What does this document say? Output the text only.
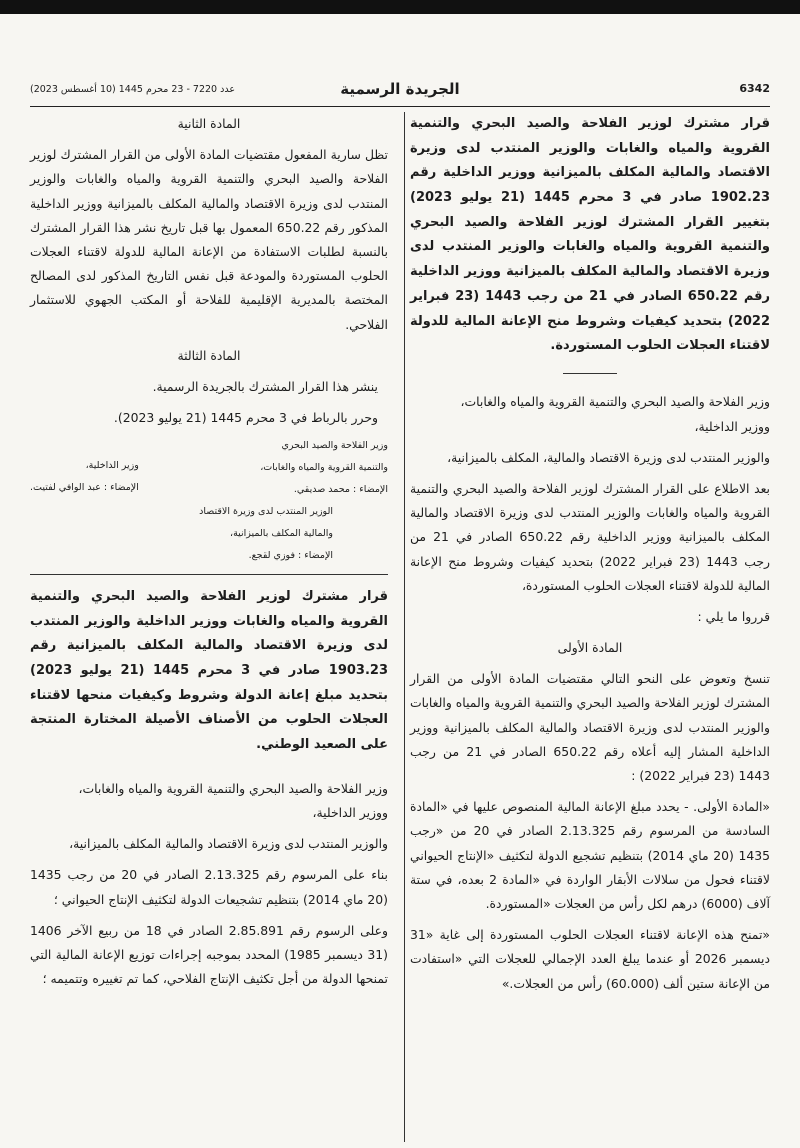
6342
الجريدة الرسمية
عدد 7220 - 23 محرم 1445 (10 أغسطس 2023)

قرار مشترك لوزير الفلاحة والصيد البحري والتنمية القروية والمياه والغابات والوزير المنتدب لدى وزيرة الاقتصاد والمالية المكلف بالميزانية ووزير الداخلية رقم 1902.23 صادر في 3 محرم 1445 (21 يوليو 2023) بتغيير القرار المشترك لوزير الفلاحة والصيد البحري والتنمية القروية والمياه والغابات والوزير المنتدب لدى وزيرة الاقتصاد والمالية المكلف بالميزانية ووزير الداخلية رقم 650.22 الصادر في 21 من رجب 1443 (23 فبراير 2022) بتحديد كيفيات وشروط منح الإعانة المالية للدولة لاقتناء العجلات الحلوب المستوردة.

وزير الفلاحة والصيد البحري والتنمية القروية والمياه والغابات،
ووزير الداخلية،

والوزير المنتدب لدى وزيرة الاقتصاد والمالية، المكلف بالميزانية،

بعد الاطلاع على القرار المشترك لوزير الفلاحة والصيد البحري والتنمية القروية والمياه والغابات والوزير المنتدب لدى وزيرة الاقتصاد والمالية المكلف بالميزانية ووزير الداخلية رقم 650.22 الصادر في 21 من رجب 1443 (23 فبراير 2022) بتحديد كيفيات وشروط منح الإعانة المالية للدولة لاقتناء العجلات الحلوب المستوردة،

قرروا ما يلي :

المادة الأولى

تنسخ وتعوض على النحو التالي مقتضيات المادة الأولى من القرار المشترك لوزير الفلاحة والصيد البحري والتنمية القروية والمياه والغابات والوزير المنتدب لدى وزيرة الاقتصاد والمالية المكلف بالميزانية ووزير الداخلية المشار إليه أعلاه رقم 650.22 الصادر في 21 من رجب 1443 (23 فبراير 2022) :

«المادة الأولى. - يحدد مبلغ الإعانة المالية المنصوص عليها في «المادة السادسة من المرسوم رقم 2.13.325 الصادر في 20 من «رجب 1435 (20 ماي 2014) بتنظيم تشجيع الدولة لتكثيف «الإنتاج الحيواني لاقتناء فحول من سلالات الأبقار الواردة في «المادة 2 بعده، في ستة آلاف (6000) درهم لكل رأس من العجلات «المستوردة.

«تمنح هذه الإعانة لاقتناء العجلات الحلوب المستوردة إلى غاية «31 ديسمبر 2026 أو عندما يبلغ العدد الإجمالي للعجلات التي «استفادت من الإعانة ستين ألف (60.000) رأس من العجلات.»

المادة الثانية

تظل سارية المفعول مقتضيات المادة الأولى من القرار المشترك لوزير الفلاحة والصيد البحري والتنمية القروية والمياه والغابات والوزير المنتدب لدى وزيرة الاقتصاد والمالية المكلف بالميزانية ووزير الداخلية المذكور رقم 650.22 المعمول بها قبل تاريخ نشر هذا القرار المشترك بالنسبة لطلبات الاستفادة من الإعانة المالية للدولة لاقتناء العجلات الحلوب المستوردة والمودعة قبل نفس التاريخ المذكور لدى المصالح المختصة بالمديرية الإقليمية للفلاحة أو المكتب الجهوي للاستثمار الفلاحي.

المادة الثالثة

ينشر هذا القرار المشترك بالجريدة الرسمية.

وحرر بالرباط في 3 محرم 1445 (21 يوليو 2023).

وزير الفلاحة والصيد البحري
والتنمية القروية والمياه والغابات،
الإمضاء : محمد صديقي.
وزير الداخلية،
الإمضاء : عبد الوافي لفتيت.
الوزير المنتدب لدى وزيرة الاقتصاد
والمالية المكلف بالميزانية،
الإمضاء : فوزي لقجع.

قرار مشترك لوزير الفلاحة والصيد البحري والتنمية القروية والمياه والغابات ووزير الداخلية والوزير المنتدب لدى وزيرة الاقتصاد والمالية المكلف بالميزانية رقم 1903.23 صادر في 3 محرم 1445 (21 يوليو 2023) بتحديد مبلغ إعانة الدولة وشروط وكيفيات منحها لاقتناء العجلات الحلوب من الأصناف الأصيلة المختارة المنتجة على الصعيد الوطني.

وزير الفلاحة والصيد البحري والتنمية القروية والمياه والغابات،
ووزير الداخلية،

والوزير المنتدب لدى وزيرة الاقتصاد والمالية المكلف بالميزانية،

بناء على المرسوم رقم 2.13.325 الصادر في 20 من رجب 1435 (20 ماي 2014) بتنظيم تشجيعات الدولة لتكثيف الإنتاج الحيواني ؛

وعلى الرسوم رقم 2.85.891 الصادر في 18 من ربيع الآخر 1406 (31 ديسمبر 1985) المحدد بموجبه إجراءات توزيع الإعانة المالية التي تمنحها الدولة من أجل تكثيف الإنتاج الفلاحي، كما تم تغييره وتتميمه ؛
